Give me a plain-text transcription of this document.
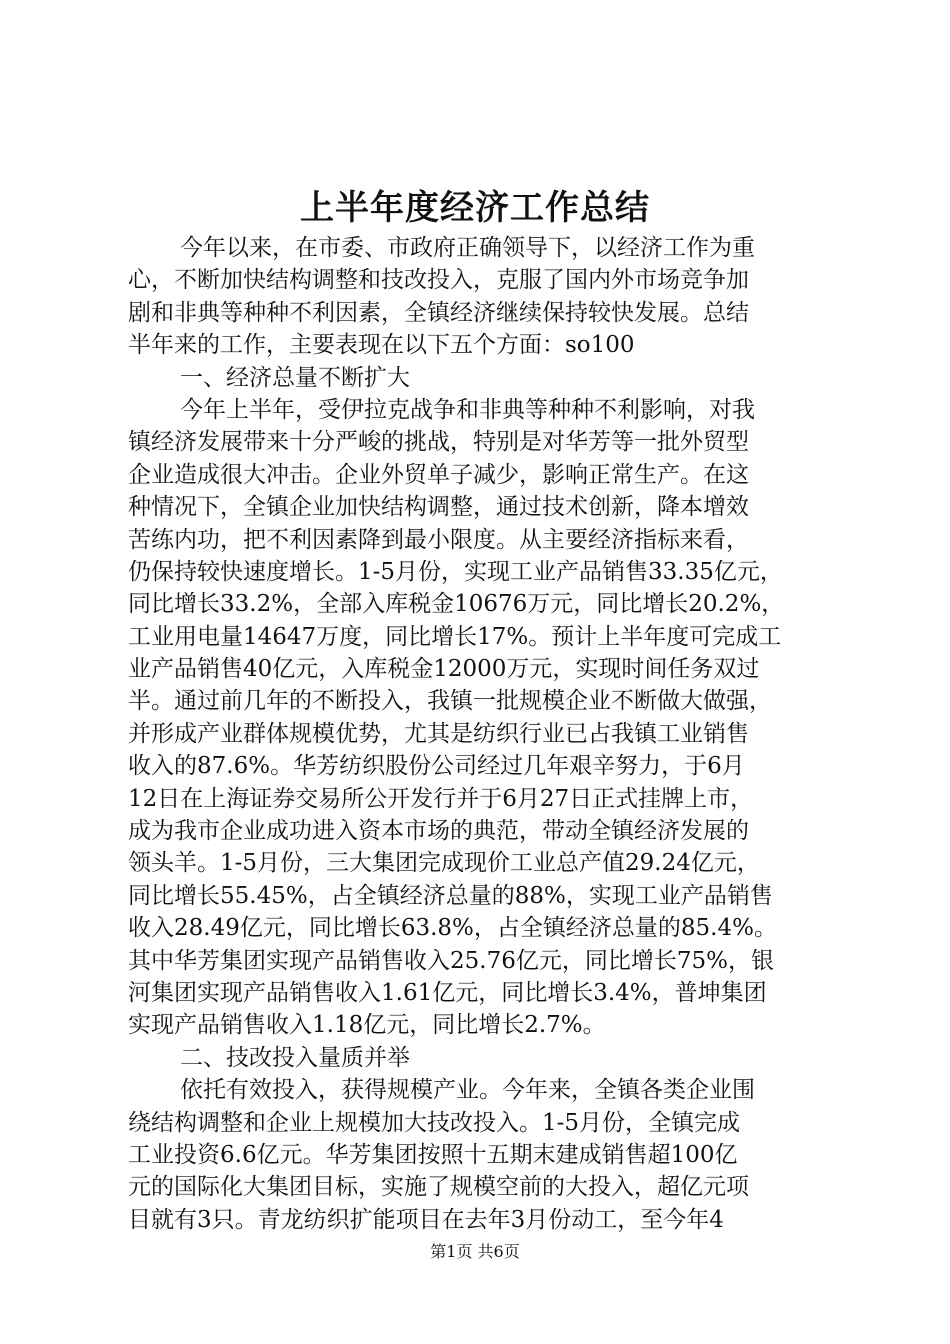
上半年度经济工作总结
今年以来，在市委、市政府正确领导下，以经济工作为重
心，不断加快结构调整和技改投入，克服了国内外市场竞争加
剧和非典等种种不利因素，全镇经济继续保持较快发展。总结
半年来的工作，主要表现在以下五个方面：so100
一、经济总量不断扩大
今年上半年，受伊拉克战争和非典等种种不利影响，对我
镇经济发展带来十分严峻的挑战，特别是对华芳等一批外贸型
企业造成很大冲击。企业外贸单子减少，影响正常生产。在这
种情况下，全镇企业加快结构调整，通过技术创新，降本增效
苦练内功，把不利因素降到最小限度。从主要经济指标来看，
仍保持较快速度增长。1-5月份，实现工业产品销售33.35亿元，
同比增长33.2%，全部入库税金10676万元，同比增长20.2%，
工业用电量14647万度，同比增长17%。预计上半年度可完成工
业产品销售40亿元，入库税金12000万元，实现时间任务双过
半。通过前几年的不断投入，我镇一批规模企业不断做大做强，
并形成产业群体规模优势，尤其是纺织行业已占我镇工业销售
收入的87.6%。华芳纺织股份公司经过几年艰辛努力，于6月
12日在上海证券交易所公开发行并于6月27日正式挂牌上市，
成为我市企业成功进入资本市场的典范，带动全镇经济发展的
领头羊。1-5月份，三大集团完成现价工业总产值29.24亿元，
同比增长55.45%，占全镇经济总量的88%，实现工业产品销售
收入28.49亿元，同比增长63.8%，占全镇经济总量的85.4%。
其中华芳集团实现产品销售收入25.76亿元，同比增长75%，银
河集团实现产品销售收入1.61亿元，同比增长3.4%，普坤集团
实现产品销售收入1.18亿元，同比增长2.7%。
二、技改投入量质并举
依托有效投入，获得规模产业。今年来，全镇各类企业围
绕结构调整和企业上规模加大技改投入。1-5月份，全镇完成
工业投资6.6亿元。华芳集团按照十五期末建成销售超100亿
元的国际化大集团目标，实施了规模空前的大投入，超亿元项
目就有3只。青龙纺织扩能项目在去年3月份动工，至今年4
第1页 共6页
